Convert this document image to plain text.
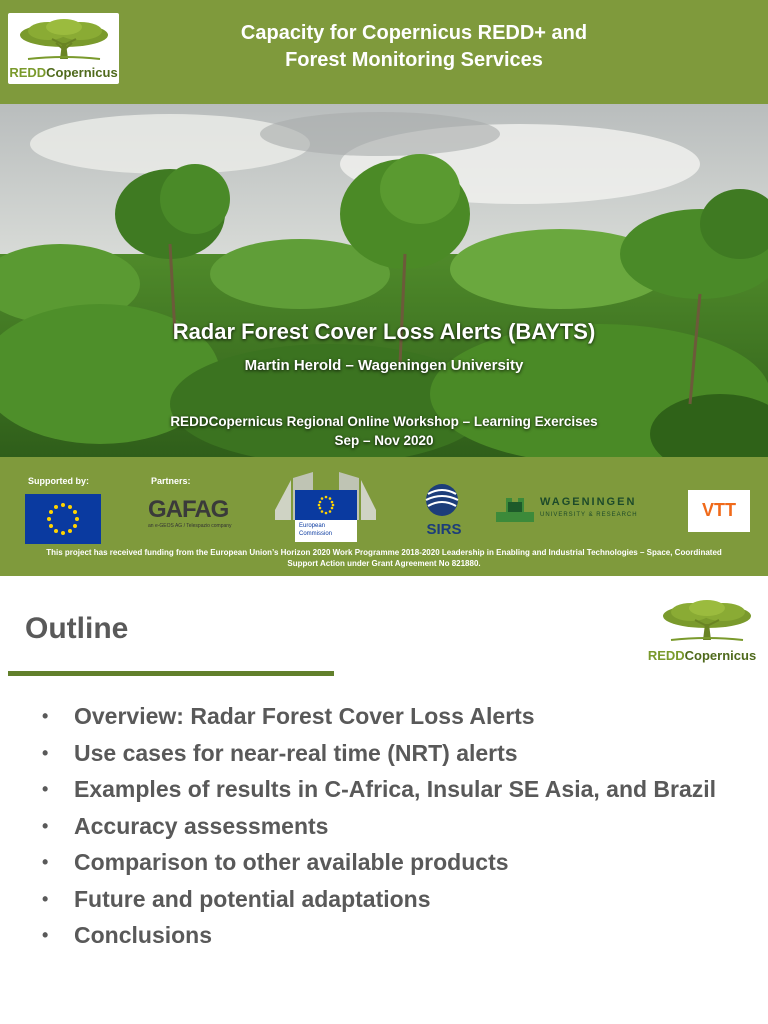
REDDCopernicus
Capacity for Copernicus REDD+ and
Forest Monitoring Services
Radar Forest Cover Loss Alerts (BAYTS)
Martin Herold – Wageningen University
REDDCopernicus Regional Online Workshop – Learning Exercises
Sep – Nov 2020
Supported by:	Partners:
GAFAG
an e-GEOS AG / Telespazio company	European
Commission	SIRS
WAGENINGEN
UNIVERSITY & RESEARCH	VTT
This project has received funding from the European Union’s Horizon 2020 Work Programme 2018-2020 Leadership in Enabling and Industrial Technologies – Space, Coordinated
Support Action under Grant Agreement No 821880.
Outline
REDDCopernicus
• Overview: Radar Forest Cover Loss Alerts
• Use cases for near-real time (NRT) alerts
• Examples of results in C-Africa, Insular SE Asia, and Brazil
• Accuracy assessments
• Comparison to other available products
• Future and potential adaptations
• Conclusions
